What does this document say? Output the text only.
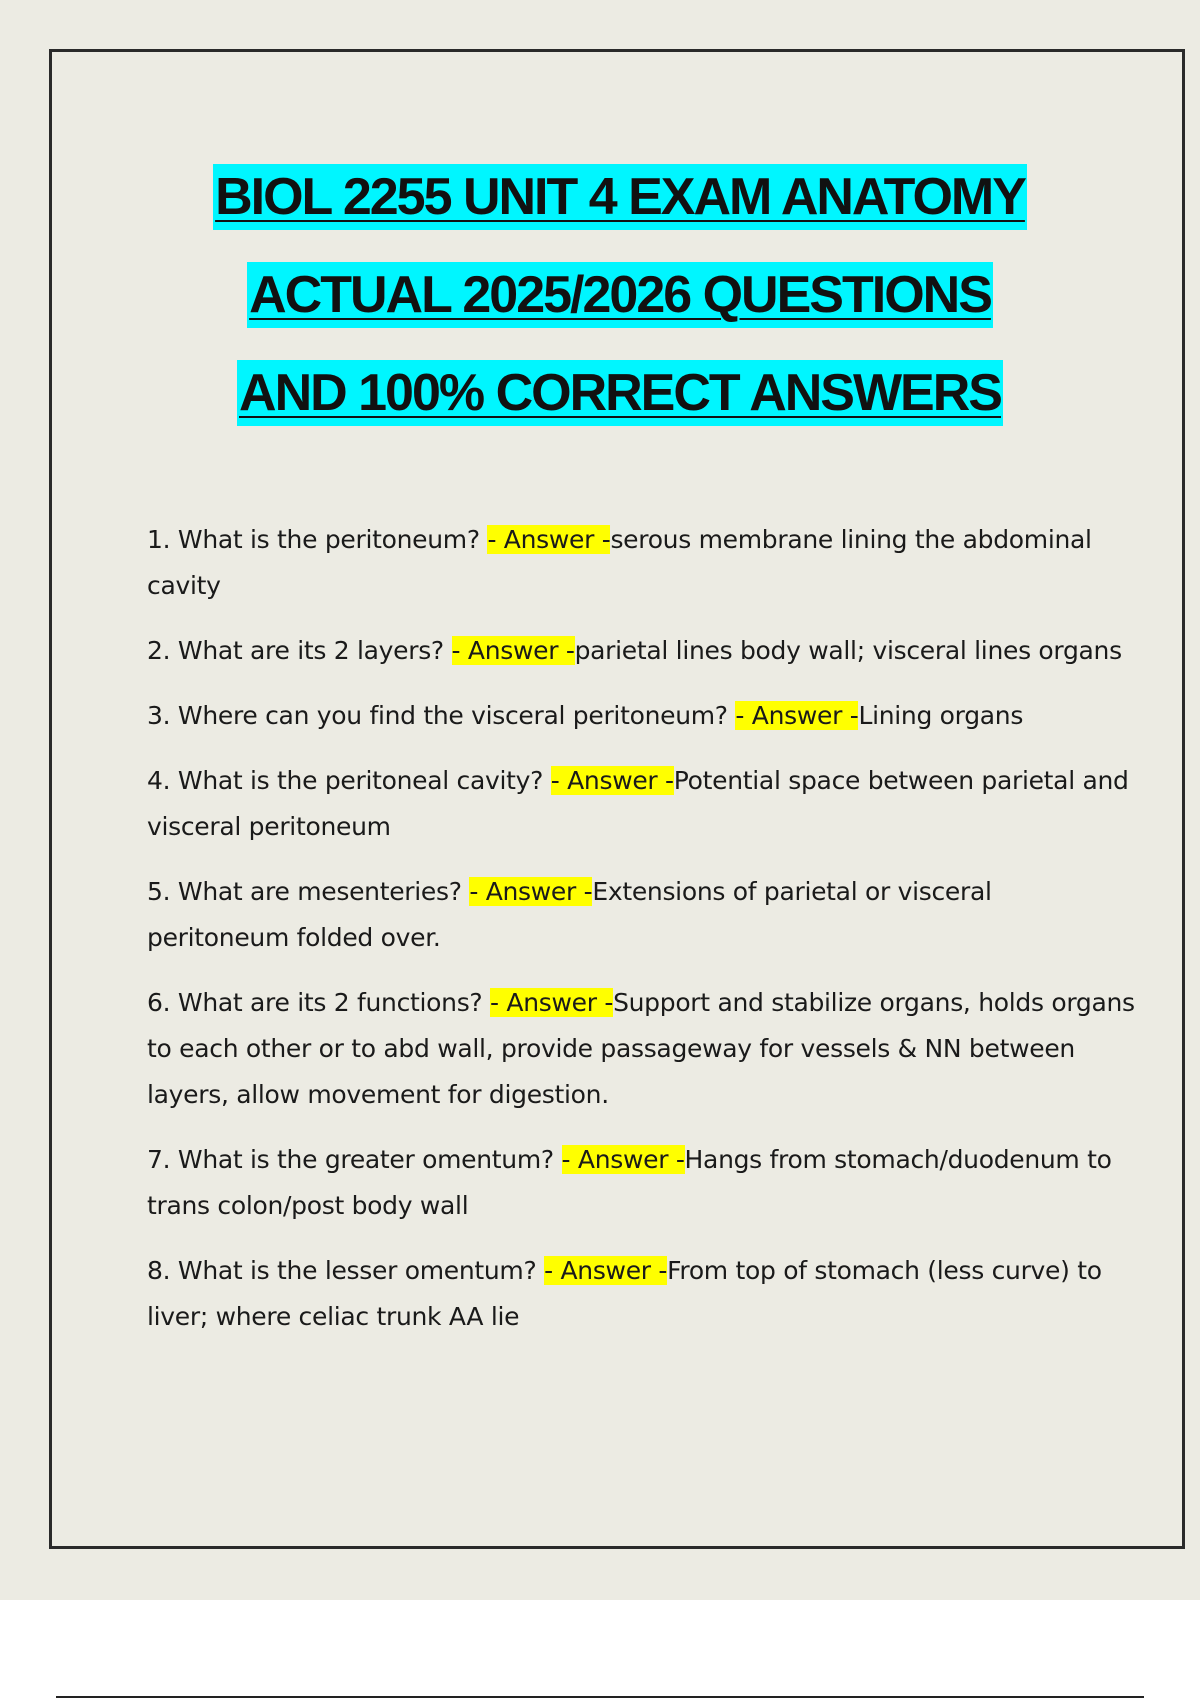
BIOL 2255 UNIT 4 EXAM ANATOMY
ACTUAL 2025/2026 QUESTIONS
AND 100% CORRECT ANSWERS
1. What is the peritoneum? - Answer -serous membrane lining the abdominal cavity
2. What are its 2 layers? - Answer -parietal lines body wall; visceral lines organs
3. Where can you find the visceral peritoneum? - Answer -Lining organs
4. What is the peritoneal cavity? - Answer -Potential space between parietal and visceral peritoneum
5. What are mesenteries? - Answer -Extensions of parietal or visceral peritoneum folded over.
6. What are its 2 functions? - Answer -Support and stabilize organs, holds organs to each other or to abd wall, provide passageway for vessels & NN between layers, allow movement for digestion.
7. What is the greater omentum? - Answer -Hangs from stomach/duodenum to trans colon/post body wall
8. What is the lesser omentum? - Answer -From top of stomach (less curve) to liver; where celiac trunk AA lie
